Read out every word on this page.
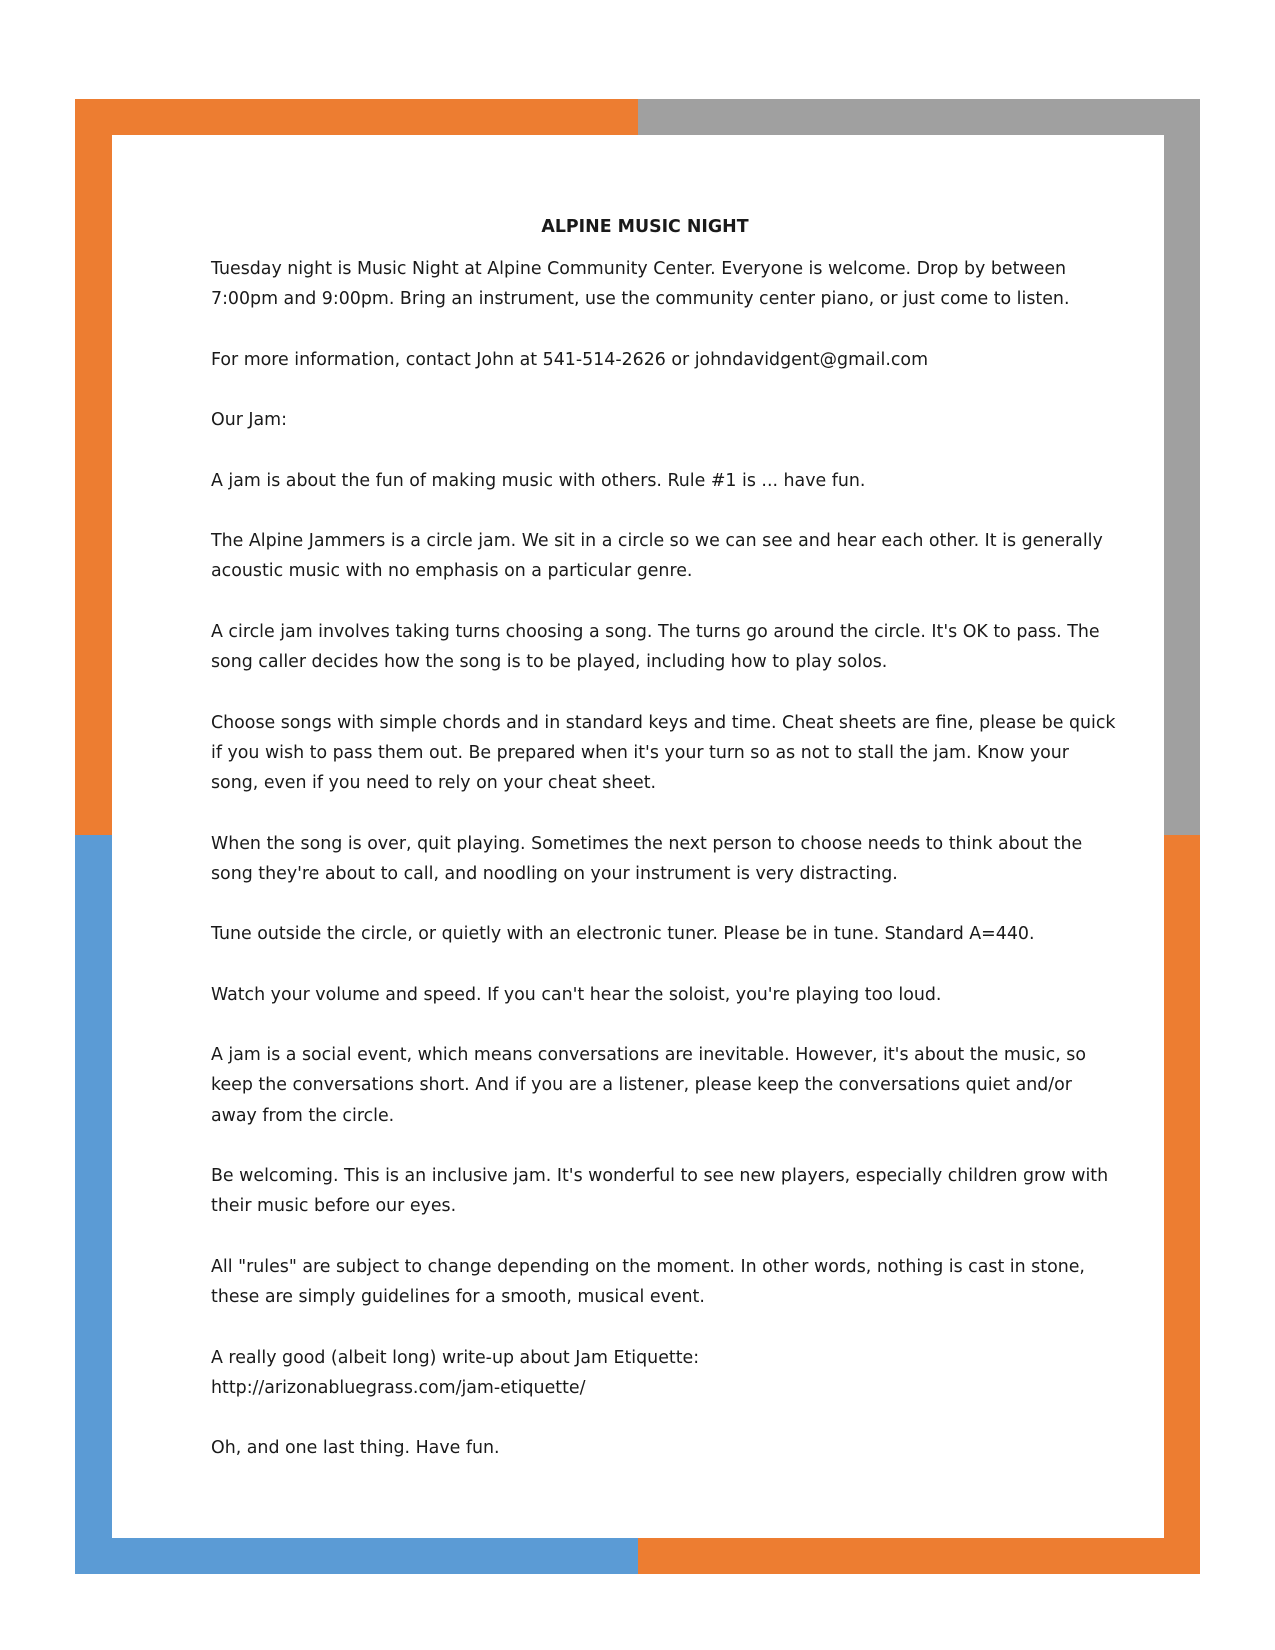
ALPINE MUSIC NIGHT
Tuesday night is Music Night at Alpine Community Center. Everyone is welcome. Drop by between
7:00pm and 9:00pm. Bring an instrument, use the community center piano, or just come to listen.
For more information, contact John at 541-514-2626 or johndavidgent@gmail.com
Our Jam:
A jam is about the fun of making music with others. Rule #1 is ... have fun.
The Alpine Jammers is a circle jam. We sit in a circle so we can see and hear each other. It is generally
acoustic music with no emphasis on a particular genre.
A circle jam involves taking turns choosing a song. The turns go around the circle. It's OK to pass. The
song caller decides how the song is to be played, including how to play solos.
Choose songs with simple chords and in standard keys and time. Cheat sheets are fine, please be quick
if you wish to pass them out. Be prepared when it's your turn so as not to stall the jam. Know your
song, even if you need to rely on your cheat sheet.
When the song is over, quit playing. Sometimes the next person to choose needs to think about the
song they're about to call, and noodling on your instrument is very distracting.
Tune outside the circle, or quietly with an electronic tuner. Please be in tune. Standard A=440.
Watch your volume and speed. If you can't hear the soloist, you're playing too loud.
A jam is a social event, which means conversations are inevitable. However, it's about the music, so
keep the conversations short. And if you are a listener, please keep the conversations quiet and/or
away from the circle.
Be welcoming. This is an inclusive jam. It's wonderful to see new players, especially children grow with
their music before our eyes.
All "rules" are subject to change depending on the moment. In other words, nothing is cast in stone,
these are simply guidelines for a smooth, musical event.
A really good (albeit long) write-up about Jam Etiquette:
http://arizonabluegrass.com/jam-etiquette/
Oh, and one last thing. Have fun.
